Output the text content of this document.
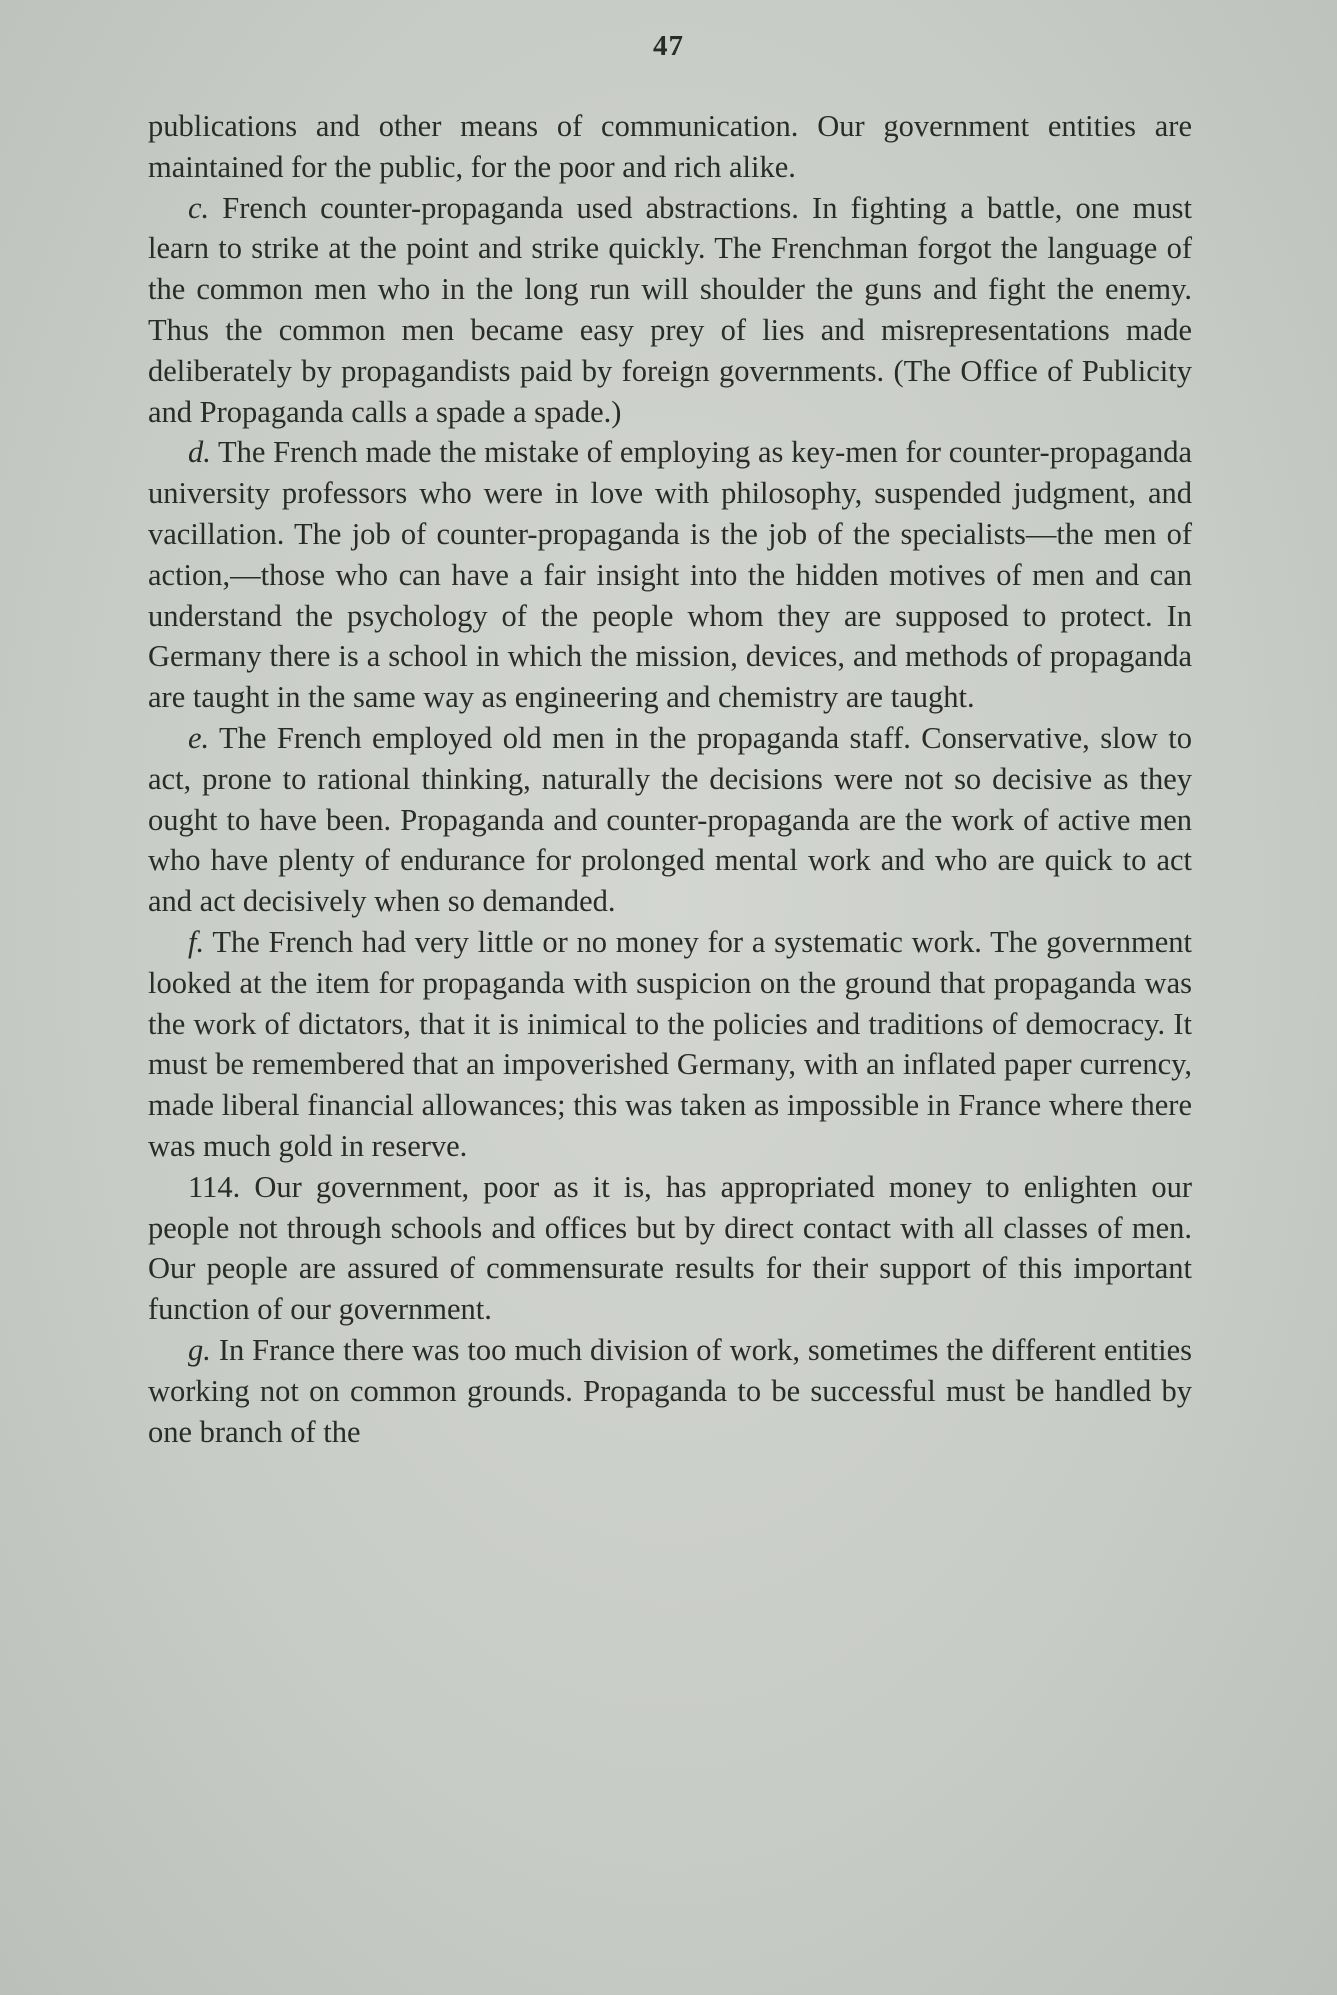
47

publications and other means of communication. Our government entities are maintained for the public, for the poor and rich alike.

c. French counter-propaganda used abstractions. In fighting a battle, one must learn to strike at the point and strike quickly. The Frenchman forgot the language of the common men who in the long run will shoulder the guns and fight the enemy. Thus the common men became easy prey of lies and misrepresentations made deliberately by propagandists paid by foreign governments. (The Office of Publicity and Propaganda calls a spade a spade.)

d. The French made the mistake of employing as key-men for counter-propaganda university professors who were in love with philosophy, suspended judgment, and vacillation. The job of counter-propaganda is the job of the specialists—the men of action,—those who can have a fair insight into the hidden motives of men and can understand the psychology of the people whom they are supposed to protect. In Germany there is a school in which the mission, devices, and methods of propaganda are taught in the same way as engineering and chemistry are taught.

e. The French employed old men in the propaganda staff. Conservative, slow to act, prone to rational thinking, naturally the decisions were not so decisive as they ought to have been. Propaganda and counter-propaganda are the work of active men who have plenty of endurance for prolonged mental work and who are quick to act and act decisively when so demanded.

f. The French had very little or no money for a systematic work. The government looked at the item for propaganda with suspicion on the ground that propaganda was the work of dictators, that it is inimical to the policies and traditions of democracy. It must be remembered that an impoverished Germany, with an inflated paper currency, made liberal financial allowances; this was taken as impossible in France where there was much gold in reserve.

114. Our government, poor as it is, has appropriated money to enlighten our people not through schools and offices but by direct contact with all classes of men. Our people are assured of commensurate results for their support of this important function of our government.

g. In France there was too much division of work, sometimes the different entities working not on common grounds. Propaganda to be successful must be handled by one branch of the
